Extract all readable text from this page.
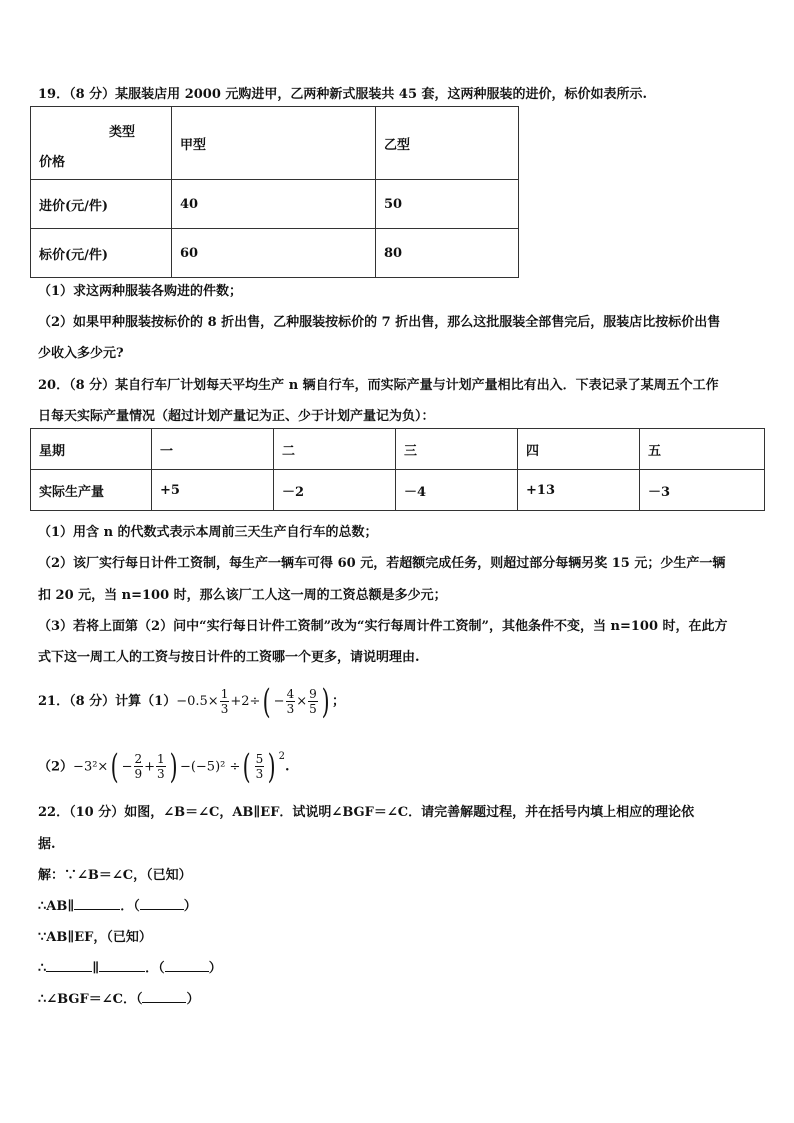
19．（8 分）某服装店用 2000 元购进甲，乙两种新式服装共 45 套，这两种服装的进价，标价如表所示.
类型
价格	甲型	乙型
进价(元/件)	40	50
标价(元/件)	60	80
（1）求这两种服装各购进的件数；
（2）如果甲种服装按标价的 8 折出售，乙种服装按标价的 7 折出售，那么这批服装全部售完后，服装店比按标价出售
少收入多少元?
20．（8 分）某自行车厂计划每天平均生产 n 辆自行车，而实际产量与计划产量相比有出入．下表记录了某周五个工作
日每天实际产量情况（超过计划产量记为正、少于计划产量记为负）：
星期	一	二	三	四	五
实际生产量	+5	－2	－4	+13	－3
（1）用含 n 的代数式表示本周前三天生产自行车的总数；
（2）该厂实行每日计件工资制，每生产一辆车可得 60 元，若超额完成任务，则超过部分每辆另奖 15 元；少生产一辆
扣 20 元，当 n=100 时，那么该厂工人这一周的工资总额是多少元；
（3）若将上面第（2）问中“实行每日计件工资制”改为“实行每周计件工资制”，其他条件不变，当 n=100 时，在此方
式下这一周工人的工资与按日计件的工资哪一个更多，请说明理由.
21．（8 分）计算$(1)-0.5\times \frac{1}{3} +2\div( - \frac{4}{3} \times \frac{9}{5}$ ) ；
$(2)-3^2\times( - \frac{2}{9} + \frac{1}{3}$ ) −(−5)² ÷( $\frac{5}{3}$ ) $^2$.
22．（10 分）如图，∠B＝∠C，AB∥EF．试说明∠BGF＝∠C．请完善解题过程，并在括号内填上相应的理论依
据.
解：∵∠B＝∠C，（已知）
∴AB∥	．（	）
∵AB∥EF，（已知）
∴	∥	．（	）
∴∠BGF＝∠C．（	）
